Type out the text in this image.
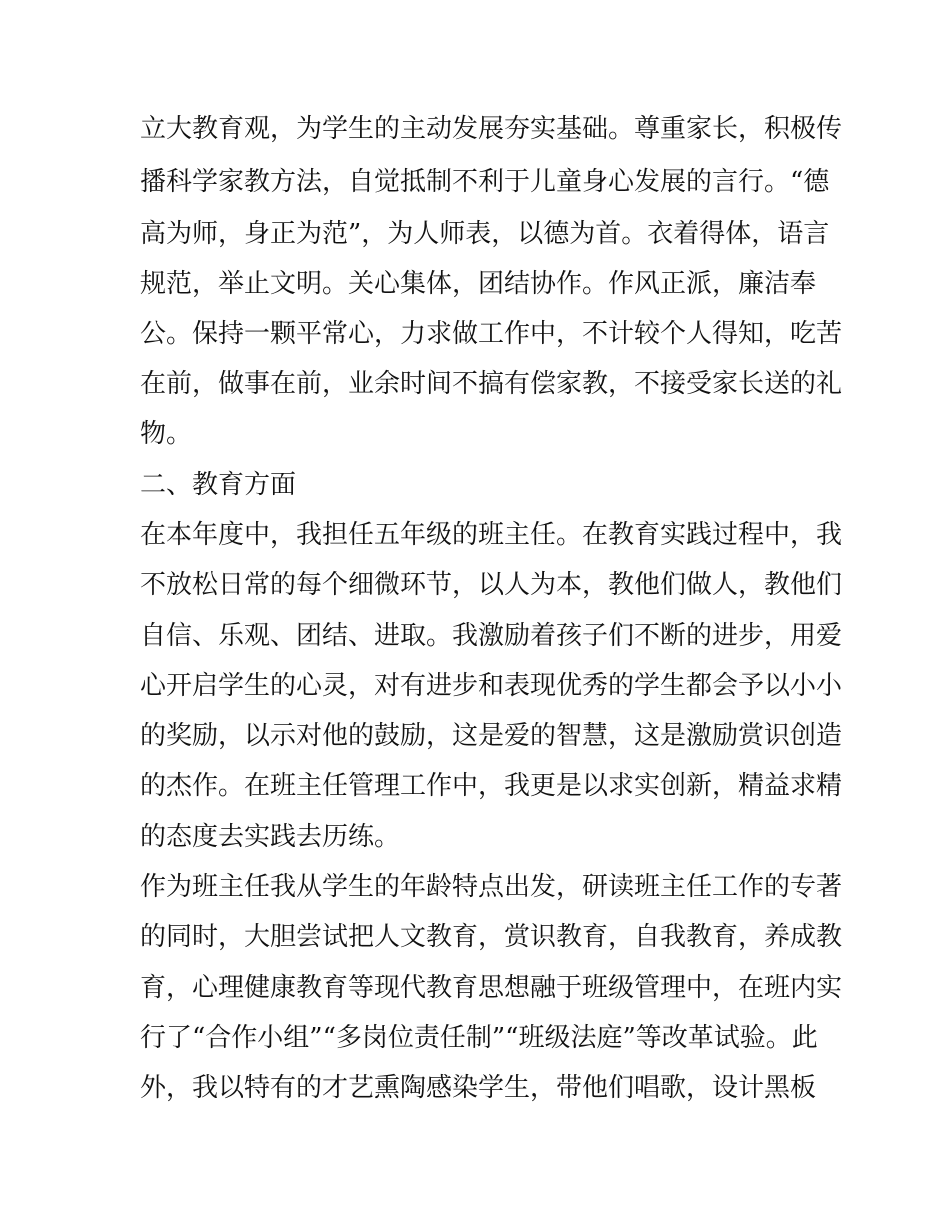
立大教育观，为学生的主动发展夯实基础。尊重家长，积极传
播科学家教方法，自觉抵制不利于儿童身心发展的言行。“德
高为师，身正为范”，为人师表，以德为首。衣着得体，语言
规范，举止文明。关心集体，团结协作。作风正派，廉洁奉
公。保持一颗平常心，力求做工作中，不计较个人得知，吃苦
在前，做事在前，业余时间不搞有偿家教，不接受家长送的礼
物。
二、教育方面
在本年度中，我担任五年级的班主任。在教育实践过程中，我
不放松日常的每个细微环节，以人为本，教他们做人，教他们
自信、乐观、团结、进取。我激励着孩子们不断的进步，用爱
心开启学生的心灵，对有进步和表现优秀的学生都会予以小小
的奖励，以示对他的鼓励，这是爱的智慧，这是激励赏识创造
的杰作。在班主任管理工作中，我更是以求实创新，精益求精
的态度去实践去历练。
作为班主任我从学生的年龄特点出发，研读班主任工作的专著
的同时，大胆尝试把人文教育，赏识教育，自我教育，养成教
育，心理健康教育等现代教育思想融于班级管理中，在班内实
行了“合作小组”“多岗位责任制”“班级法庭”等改革试验。此
外，我以特有的才艺熏陶感染学生，带他们唱歌，设计黑板
